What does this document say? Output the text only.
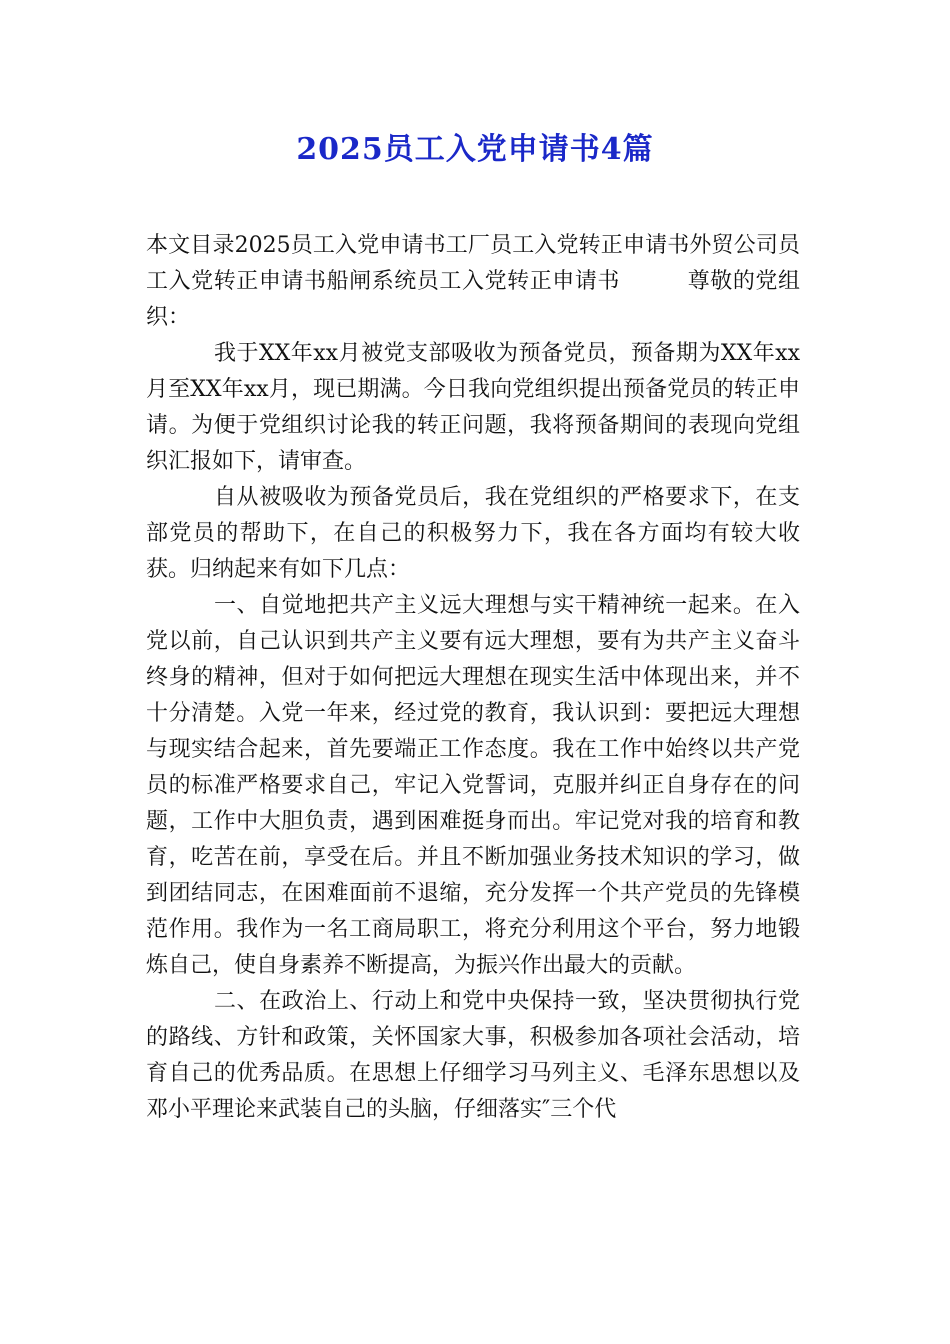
2025员工入党申请书4篇

本文目录2025员工入党申请书工厂员工入党转正申请书外贸公司员工入党转正申请书船闸系统员工入党转正申请书　　　尊敬的党组织：

我于XX年xx月被党支部吸收为预备党员，预备期为XX年xx月至XX年xx月，现已期满。今日我向党组织提出预备党员的转正申请。为便于党组织讨论我的转正问题，我将预备期间的表现向党组织汇报如下，请审查。

自从被吸收为预备党员后，我在党组织的严格要求下，在支部党员的帮助下，在自己的积极努力下，我在各方面均有较大收获。归纳起来有如下几点：

一、自觉地把共产主义远大理想与实干精神统一起来。在入党以前，自己认识到共产主义要有远大理想，要有为共产主义奋斗终身的精神，但对于如何把远大理想在现实生活中体现出来，并不十分清楚。入党一年来，经过党的教育，我认识到：要把远大理想与现实结合起来，首先要端正工作态度。我在工作中始终以共产党员的标准严格要求自己，牢记入党誓词，克服并纠正自身存在的问题，工作中大胆负责，遇到困难挺身而出。牢记党对我的培育和教育，吃苦在前，享受在后。并且不断加强业务技术知识的学习，做到团结同志，在困难面前不退缩，充分发挥一个共产党员的先锋模范作用。我作为一名工商局职工，将充分利用这个平台，努力地锻炼自己，使自身素养不断提高，为振兴作出最大的贡献。

二、在政治上、行动上和党中央保持一致，坚决贯彻执行党的路线、方针和政策，关怀国家大事，积极参加各项社会活动，培育自己的优秀品质。在思想上仔细学习马列主义、毛泽东思想以及邓小平理论来武装自己的头脑，仔细落实″三个代
